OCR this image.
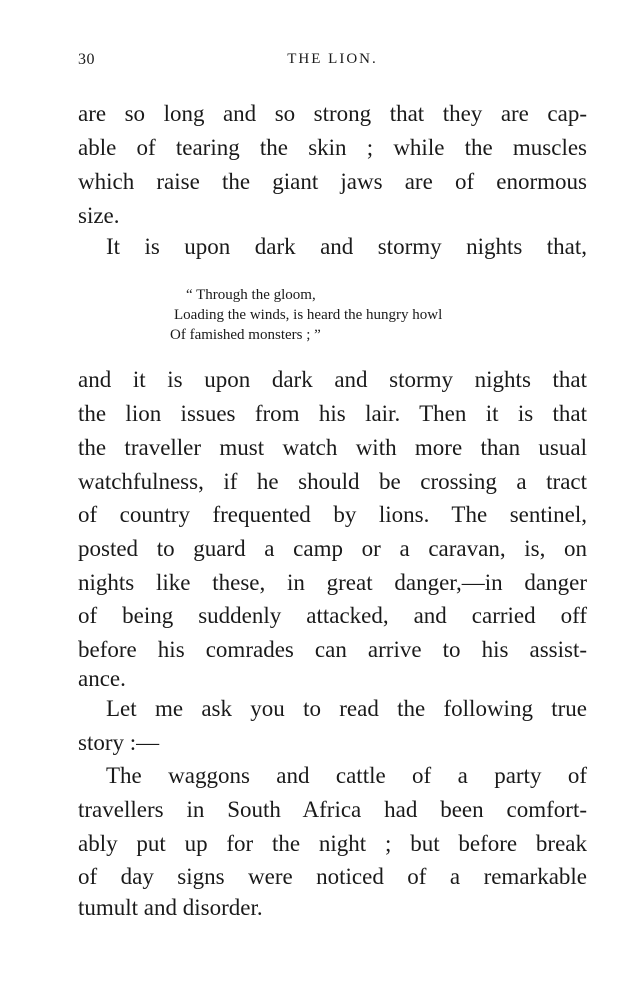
30	THE LION.
are so long and so strong that they are cap-
able of tearing the skin ; while the muscles
which raise the giant jaws are of enormous
size.
It is upon dark and stormy nights that,
“ Through the gloom,
Loading the winds, is heard the hungry howl
Of famished monsters ; ”
and it is upon dark and stormy nights that
the lion issues from his lair. Then it is that
the traveller must watch with more than usual
watchfulness, if he should be crossing a tract
of country frequented by lions. The sentinel,
posted to guard a camp or a caravan, is, on
nights like these, in great danger,—in danger
of being suddenly attacked, and carried off
before his comrades can arrive to his assist-
ance.
Let me ask you to read the following true
story :—
The waggons and cattle of a party of
travellers in South Africa had been comfort-
ably put up for the night ; but before break
of day signs were noticed of a remarkable
tumult and disorder.
